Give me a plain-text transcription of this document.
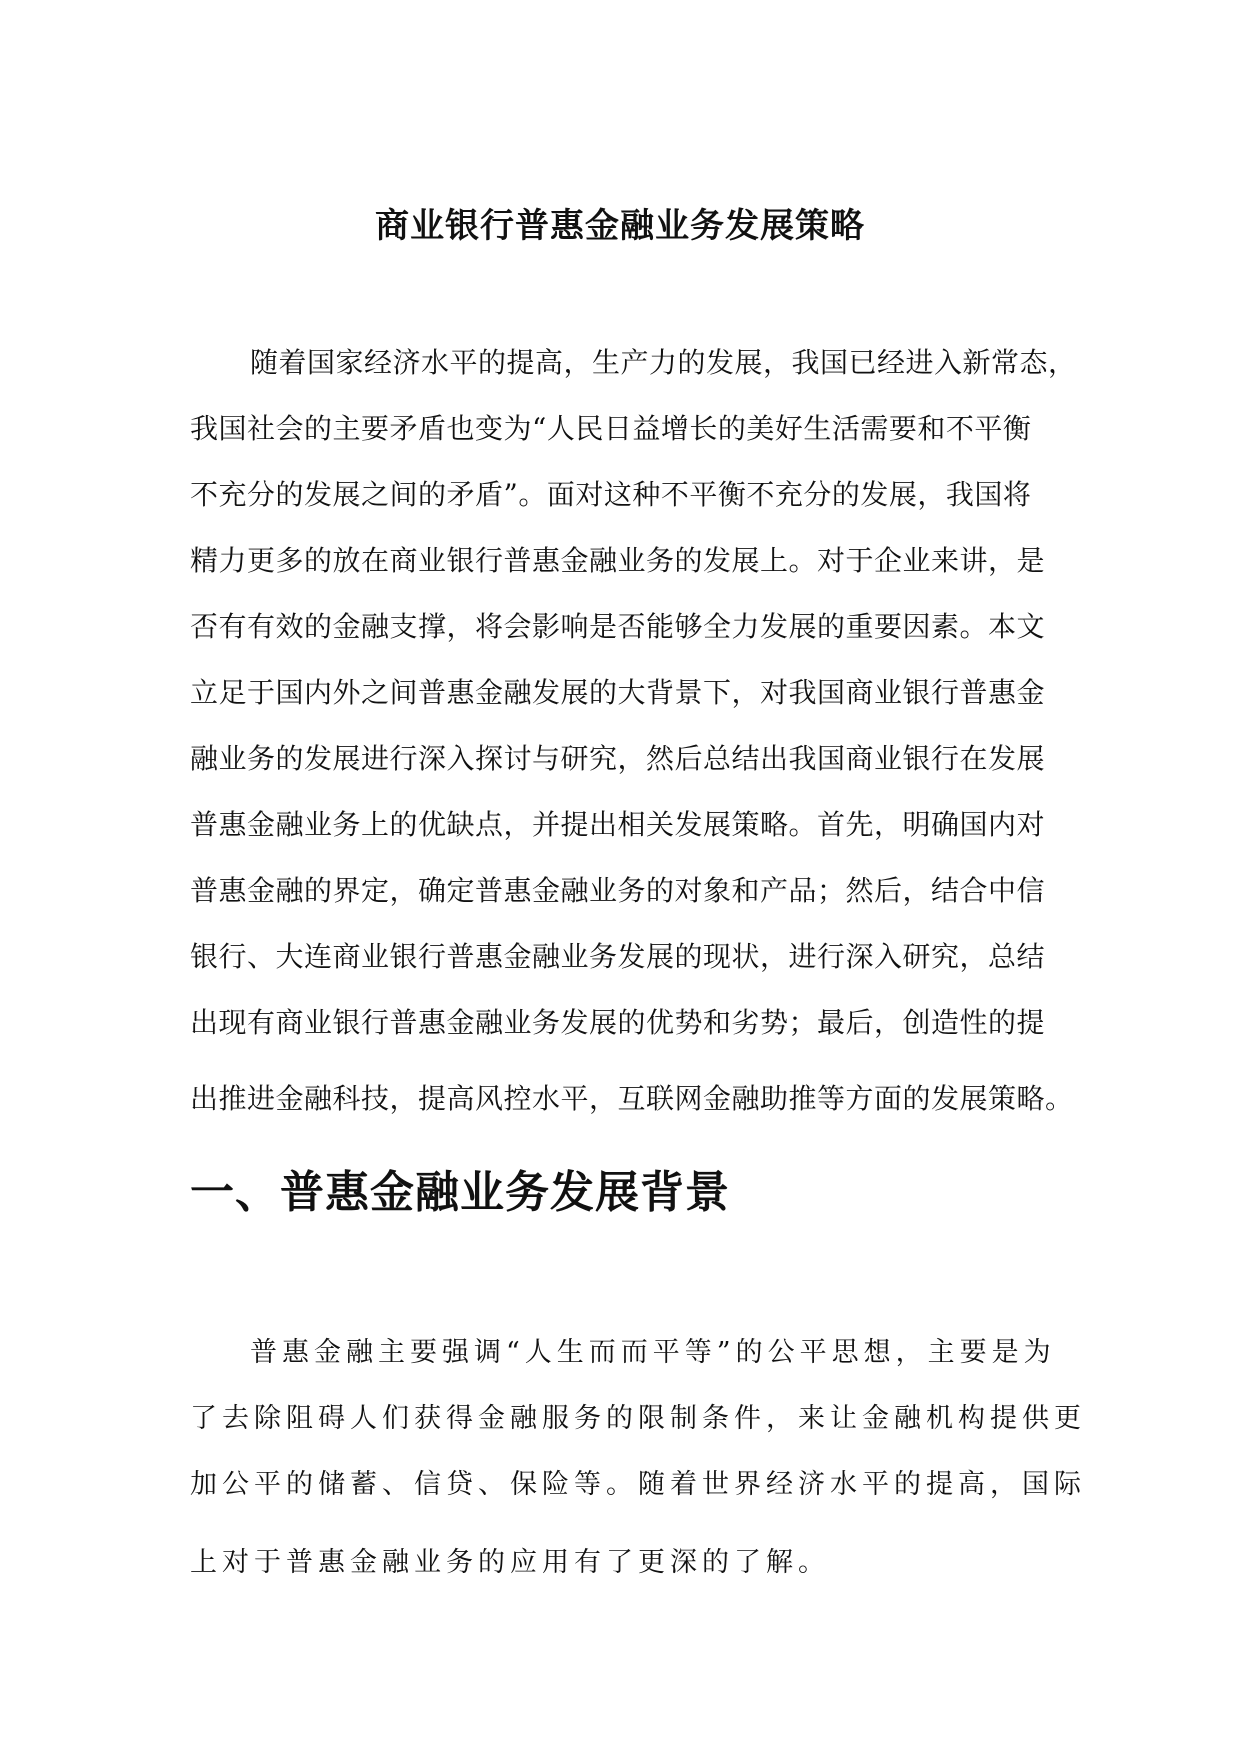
商业银行普惠金融业务发展策略
随着国家经济水平的提高，生产力的发展，我国已经进入新常态，
我国社会的主要矛盾也变为“人民日益增长的美好生活需要和不平衡
不充分的发展之间的矛盾”。面对这种不平衡不充分的发展，我国将
精力更多的放在商业银行普惠金融业务的发展上。对于企业来讲，是
否有有效的金融支撑，将会影响是否能够全力发展的重要因素。本文
立足于国内外之间普惠金融发展的大背景下，对我国商业银行普惠金
融业务的发展进行深入探讨与研究，然后总结出我国商业银行在发展
普惠金融业务上的优缺点，并提出相关发展策略。首先，明确国内对
普惠金融的界定，确定普惠金融业务的对象和产品；然后，结合中信
银行、大连商业银行普惠金融业务发展的现状，进行深入研究，总结
出现有商业银行普惠金融业务发展的优势和劣势；最后，创造性的提
出推进金融科技，提高风控水平，互联网金融助推等方面的发展策略。
一、普惠金融业务发展背景
普惠金融主要强调“人生而而平等”的公平思想，主要是为
了去除阻碍人们获得金融服务的限制条件，来让金融机构提供更
加公平的储蓄、信贷、保险等。随着世界经济水平的提高，国际
上对于普惠金融业务的应用有了更深的了解。
